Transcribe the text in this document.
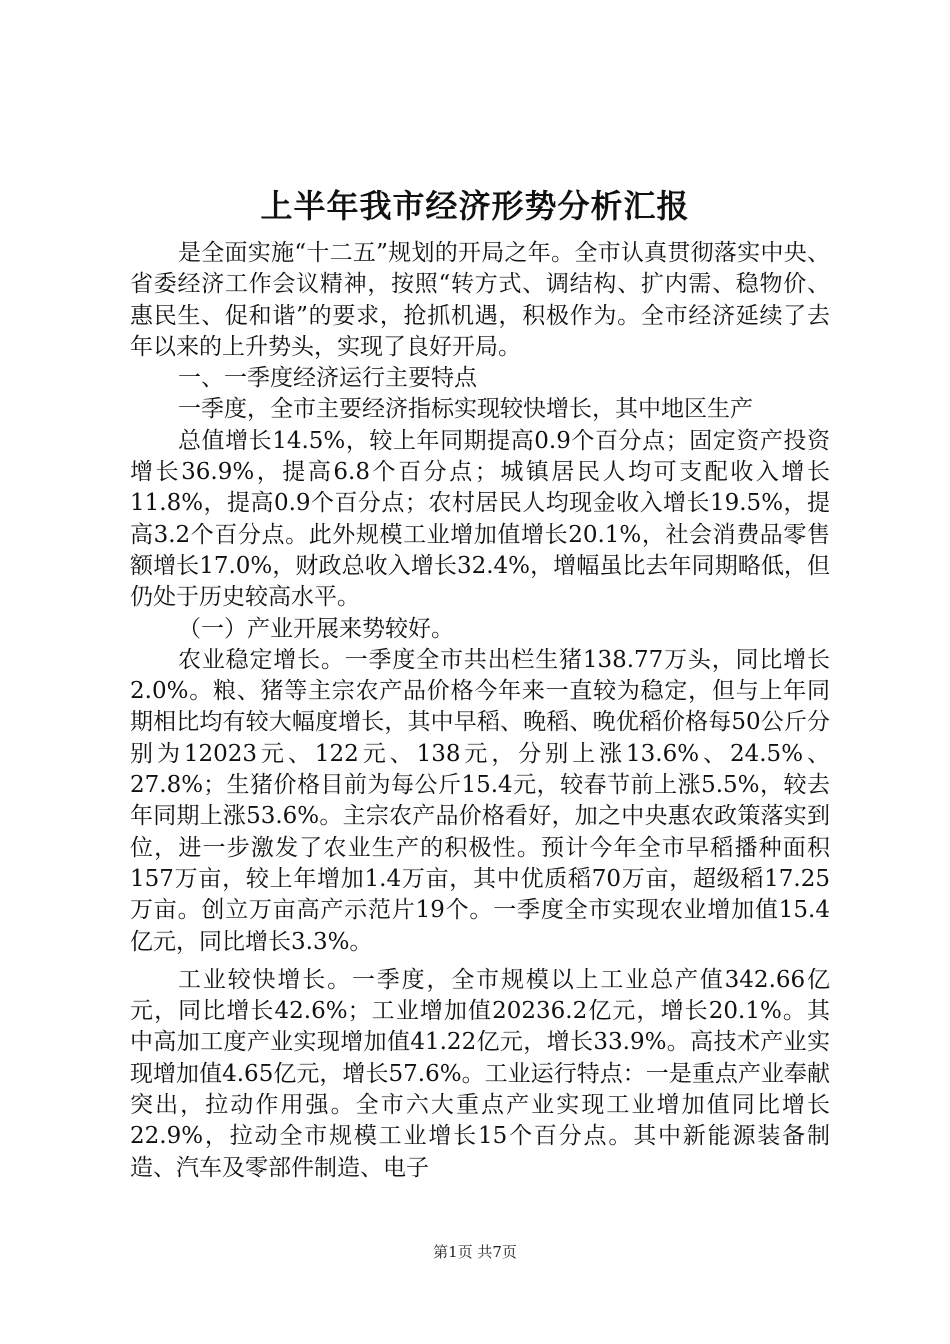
上半年我市经济形势分析汇报

是全面实施“十二五”规划的开局之年。全市认真贯彻落实中央、省委经济工作会议精神，按照“转方式、调结构、扩内需、稳物价、惠民生、促和谐”的要求，抢抓机遇，积极作为。全市经济延续了去年以来的上升势头，实现了良好开局。

一、一季度经济运行主要特点

一季度，全市主要经济指标实现较快增长，其中地区生产

总值增长14.5%，较上年同期提高0.9个百分点；固定资产投资增长36.9%，提高6.8个百分点；城镇居民人均可支配收入增长11.8%，提高0.9个百分点；农村居民人均现金收入增长19.5%，提高3.2个百分点。此外规模工业增加值增长20.1%，社会消费品零售额增长17.0%，财政总收入增长32.4%，增幅虽比去年同期略低，但仍处于历史较高水平。

（一）产业开展来势较好。

农业稳定增长。一季度全市共出栏生猪138.77万头，同比增长2.0%。粮、猪等主宗农产品价格今年来一直较为稳定，但与上年同期相比均有较大幅度增长，其中早稻、晚稻、晚优稻价格每50公斤分别为12023元、122元、138元，分别上涨13.6%、24.5%、27.8%；生猪价格目前为每公斤15.4元，较春节前上涨5.5%，较去年同期上涨53.6%。主宗农产品价格看好，加之中央惠农政策落实到位，进一步激发了农业生产的积极性。预计今年全市早稻播种面积157万亩，较上年增加1.4万亩，其中优质稻70万亩，超级稻17.25万亩。创立万亩高产示范片19个。一季度全市实现农业增加值15.4亿元，同比增长3.3%。

工业较快增长。一季度，全市规模以上工业总产值342.66亿元，同比增长42.6%；工业增加值20236.2亿元，增长20.1%。其中高加工度产业实现增加值41.22亿元，增长33.9%。高技术产业实现增加值4.65亿元，增长57.6%。工业运行特点：一是重点产业奉献突出，拉动作用强。全市六大重点产业实现工业增加值同比增长22.9%，拉动全市规模工业增长15个百分点。其中新能源装备制造、汽车及零部件制造、电子

第1页 共7页
